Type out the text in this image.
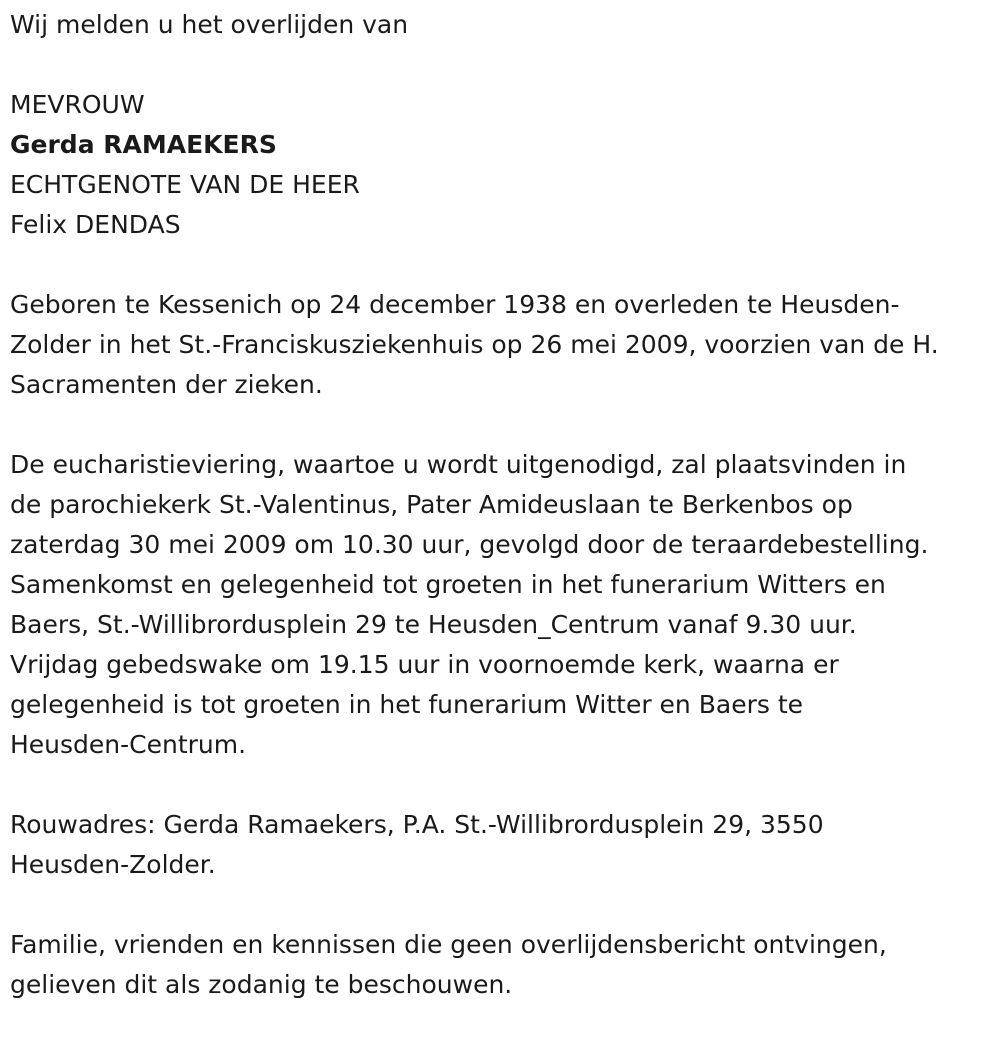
Wij melden u het overlijden van

MEVROUW

Gerda RAMAEKERS

ECHTGENOTE VAN DE HEER

Felix DENDAS

Geboren te Kessenich op 24 december 1938 en overleden te Heusden-

Zolder in het St.-Franciskusziekenhuis op 26 mei 2009, voorzien van de H.

Sacramenten der zieken.

De eucharistieviering, waartoe u wordt uitgenodigd, zal plaatsvinden in

de parochiekerk St.-Valentinus, Pater Amideuslaan te Berkenbos op

zaterdag 30 mei 2009 om 10.30 uur, gevolgd door de teraardebestelling.

Samenkomst en gelegenheid tot groeten in het funerarium Witters en

Baers, St.-Willibrordusplein 29 te Heusden_Centrum vanaf 9.30 uur.

Vrijdag gebedswake om 19.15 uur in voornoemde kerk, waarna er

gelegenheid is tot groeten in het funerarium Witter en Baers te

Heusden-Centrum.

Rouwadres: Gerda Ramaekers, P.A. St.-Willibrordusplein 29, 3550

Heusden-Zolder.

Familie, vrienden en kennissen die geen overlijdensbericht ontvingen,

gelieven dit als zodanig te beschouwen.
